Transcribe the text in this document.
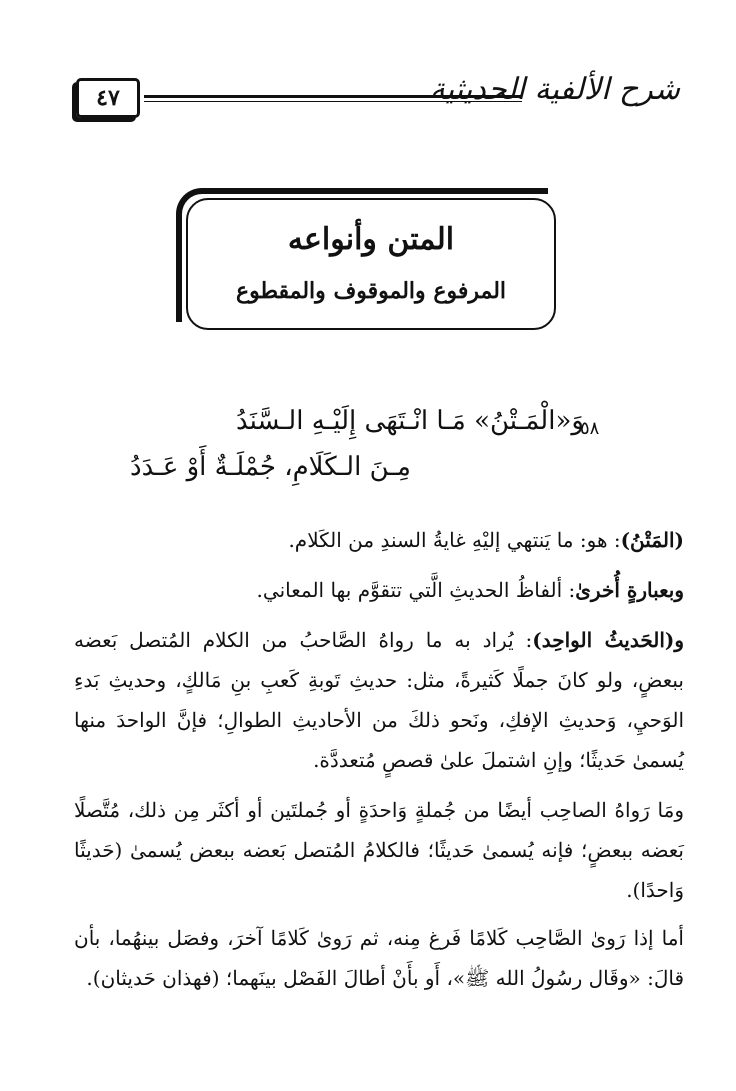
٤٧	شرح الألفية الحديثية
المتن وأنواعه
المرفوع والموقوف والمقطوع
٥٨
وَ«الْمَـتْنُ» مَـا انْـتَهَى إِلَيْـهِ الـسَّنَدُ
مِـنَ الـكَلَامِ، جُمْلَـةٌ أَوْ عَـدَدُ
(المَتْنُ): هو: ما يَنتهي إليْهِ غايةُ السندِ من الكَلام.
وبعبارةٍ أُخرىٰ: ألفاظُ الحديثِ الَّتي تتقوَّم بها المعاني.
و(الحَديثُ الواحِد): يُراد به ما رواهُ الصَّاحبُ من الكلام المُتصل بَعضه ببعضٍ، ولو كانَ جملًا كَثيرةً، مثل: حديثِ تَوبةِ كَعبِ بنِ مَالكٍ، وحديثِ بَدءِ الوَحيِ، وَحديثِ الإفكِ، ونَحو ذلكَ من الأحاديثِ الطوالِ؛ فإنَّ الواحدَ منها يُسمىٰ حَديثًا؛ وإنِ اشتملَ علىٰ قصصٍ مُتعددَّة.
ومَا رَواهُ الصاحِب أيضًا من جُملةٍ وَاحدَةٍ أو جُملتَين أو أكثَر مِن ذلك، مُتَّصلًا بَعضه ببعضٍ؛ فإنه يُسمىٰ حَديثًا؛ فالكلامُ المُتصل بَعضه ببعض يُسمىٰ (حَديثًا وَاحدًا).
أما إذا رَوىٰ الصَّاحِب كَلامًا فَرغ مِنه، ثم رَوىٰ كَلامًا آخرَ، وفصَل بينهُما، بأن قالَ: «وقَال رسُولُ الله ﷺ»، أَو بأَنْ أطالَ الفَصْل بينَهما؛ (فهذان حَديثان).
